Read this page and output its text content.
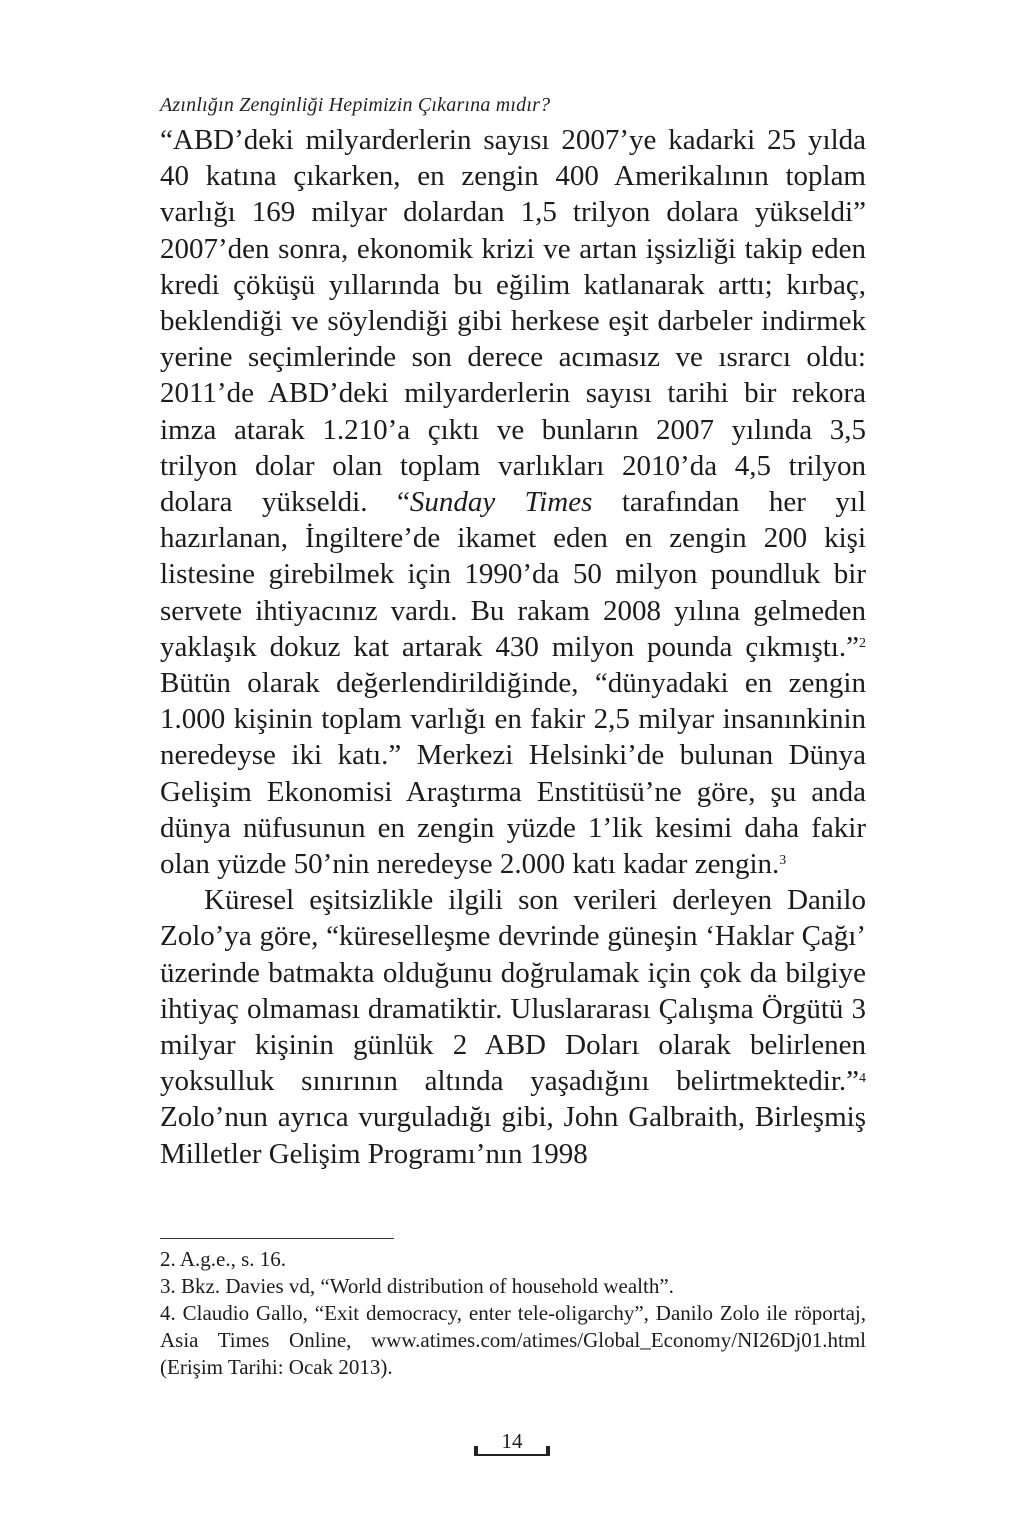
Azınlığın Zenginliği Hepimizin Çıkarına mıdır?

“ABD’deki milyarderlerin sayısı 2007’ye kadarki 25 yılda 40 katına çıkarken, en zengin 400 Amerikalının toplam varlığı 169 milyar dolardan 1,5 trilyon dolara yükseldi” 2007’den sonra, ekonomik krizi ve artan işsizliği takip eden kredi çöküşü yıllarında bu eğilim katlanarak arttı; kırbaç, beklendiği ve söylendiği gibi herkese eşit darbeler indirmek yerine seçimlerinde son derece acımasız ve ısrarcı oldu: 2011’de ABD’deki milyarderlerin sayısı tarihi bir rekora imza atarak 1.210’a çıktı ve bunların 2007 yılında 3,5 trilyon dolar olan toplam varlıkları 2010’da 4,5 trilyon dolara yükseldi. “Sunday Times tarafından her yıl hazırlanan, İngiltere’de ikamet eden en zengin 200 kişi listesine girebilmek için 1990’da 50 milyon poundluk bir servete ihtiyacınız vardı. Bu rakam 2008 yılına gelmeden yaklaşık dokuz kat artarak 430 milyon pounda çıkmıştı.”$^2$ Bütün olarak değerlendirildiğinde, “dünyadaki en zengin 1.000 kişinin toplam varlığı en fakir 2,5 milyar insanınkinin neredeyse iki katı.” Merkezi Helsinki’de bulunan Dünya Gelişim Ekonomisi Araştırma Enstitüsü’ne göre, şu anda dünya nüfusunun en zengin yüzde 1’lik kesimi daha fakir olan yüzde 50’nin neredeyse 2.000 katı kadar zengin.$^3$

Küresel eşitsizlikle ilgili son verileri derleyen Danilo Zolo’ya göre, “küreselleşme devrinde güneşin ‘Haklar Çağı’ üzerinde batmakta olduğunu doğrulamak için çok da bilgiye ihtiyaç olmaması dramatiktir. Uluslararası Çalışma Örgütü 3 milyar kişinin günlük 2 ABD Doları olarak belirlenen yoksulluk sınırının altında yaşadığını belirtmektedir.”$^4$ Zolo’nun ayrıca vurguladığı gibi, John Galbraith, Birleşmiş Milletler Gelişim Programı’nın 1998

2. A.g.e., s. 16.

3. Bkz. Davies vd, “World distribution of household wealth”.

4. Claudio Gallo, “Exit democracy, enter tele-oligarchy”, Danilo Zolo ile röportaj, Asia Times Online, www.atimes.com/atimes/Global_Economy/NI26Dj01.html (Erişim Tarihi: Ocak 2013).

14
